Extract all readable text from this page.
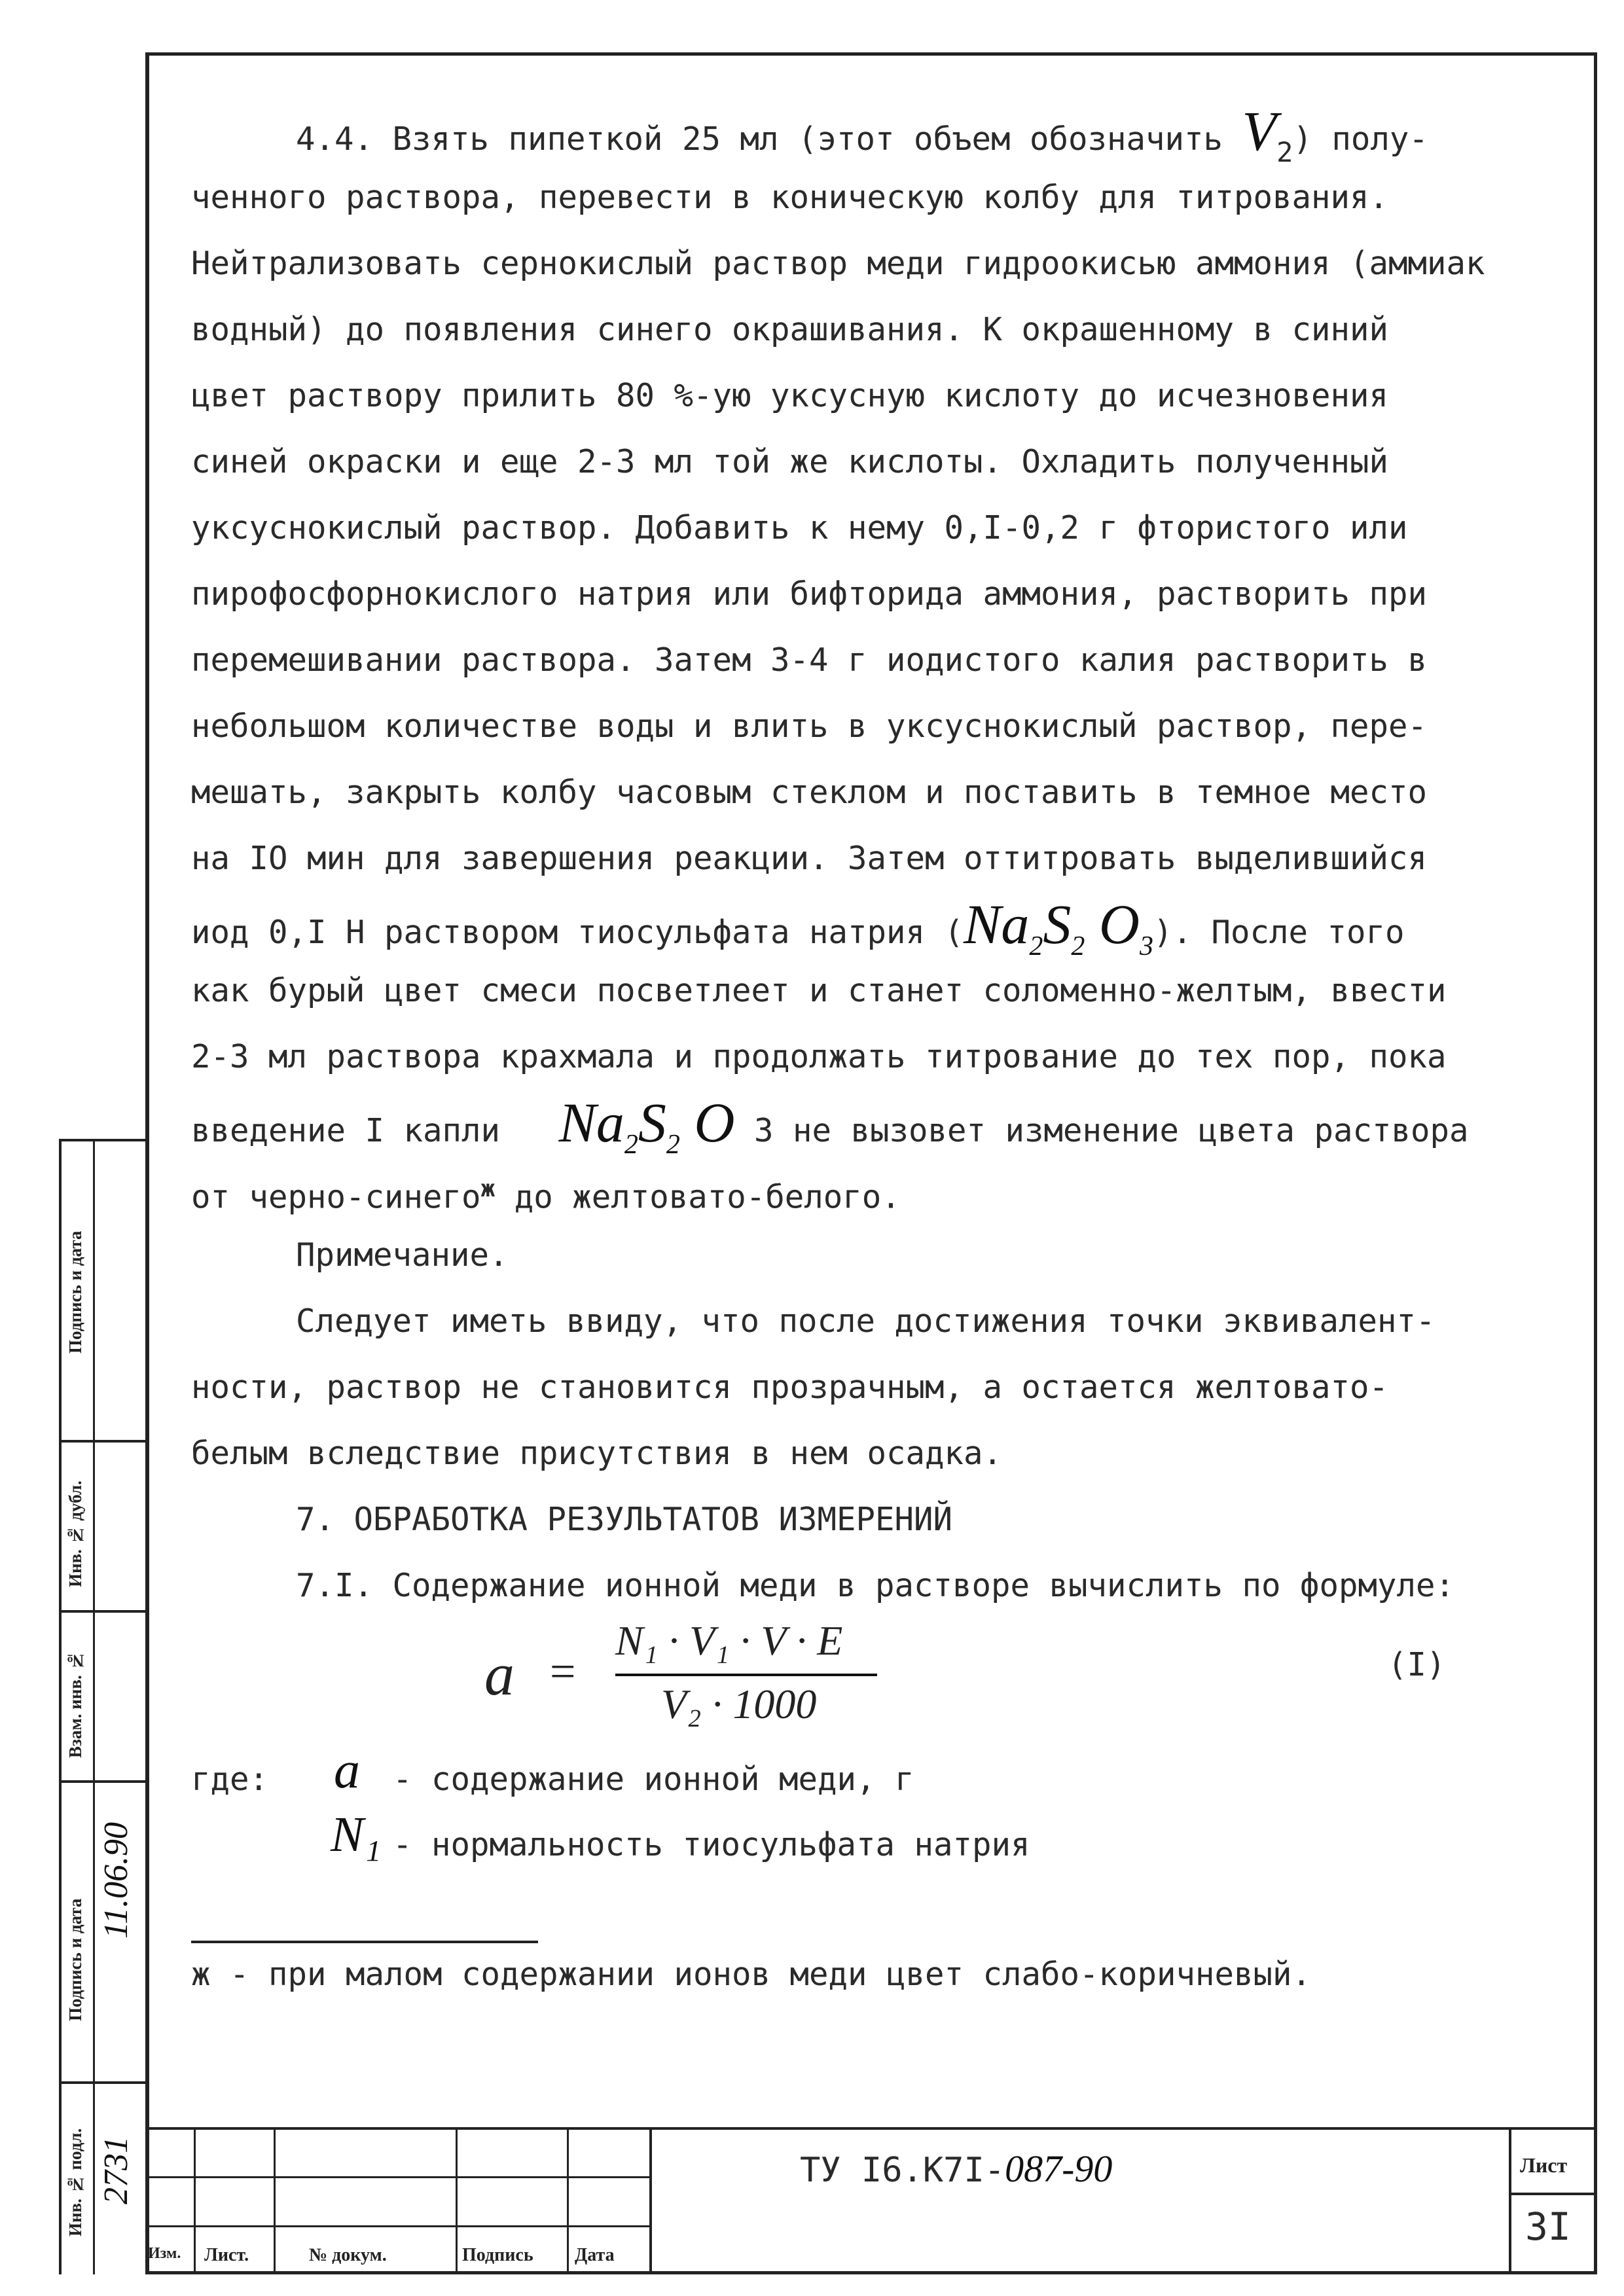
4.4. Взять пипеткой 25 мл (этот объем обозначить V2) полу-
ченного раствора, перевести в коническую колбу для титрования.
Нейтрализовать сернокислый раствор меди гидроокисью аммония (аммиак
водный) до появления синего окрашивания. К окрашенному в синий
цвет раствору прилить 80 %-ую уксусную кислоту до исчезновения
синей окраски и еще 2-3 мл той же кислоты. Охладить полученный
уксуснокислый раствор. Добавить к нему 0,I-0,2 г фтористого или
пирофосфорнокислого натрия или бифторида аммония, растворить при
перемешивании раствора. Затем 3-4 г иодистого калия растворить в
небольшом количестве воды и влить в уксуснокислый раствор, пере-
мешать, закрыть колбу часовым стеклом и поставить в темное место
на IO мин для завершения реакции. Затем оттитровать выделившийся
иод 0,I Н раствором тиосульфата натрия ($Na_2S_2$ $O_3$). После того
как бурый цвет смеси посветлеет и станет соломенно-желтым, ввести
2-3 мл раствора крахмала и продолжать титрование до тех пор, пока
введение I капли $Na_2S_2$ O 3 не вызовет изменение цвета раствора
от черно-синего$^ж$ до желтовато-белого.
Примечание.
Следует иметь ввиду, что после достижения точки эквивалент-
ности, раствор не становится прозрачным, а остается желтовато-
белым вследствие присутствия в нем осадка.
7. ОБРАБОТКА РЕЗУЛЬТАТОВ ИЗМЕРЕНИЙ
7.I. Содержание ионной меди в растворе вычислить по формуле:
a =
N₁ · V₁ · V · E
V₂ · 1000
(I)
где: a - содержание ионной меди, г
N₁ - нормальность тиосульфата натрия
ж - при малом содержании ионов меди цвет слабо-коричневый.
Изм. Лист.	№ докум.	Подпись Дата
ТУ I6.К7I-087-90	Лист
3I
Подпись и дата
Инв. № дубл.
Взам. инв. №
Подпись и дата
11.06.90
Инв. № подл. 2731
